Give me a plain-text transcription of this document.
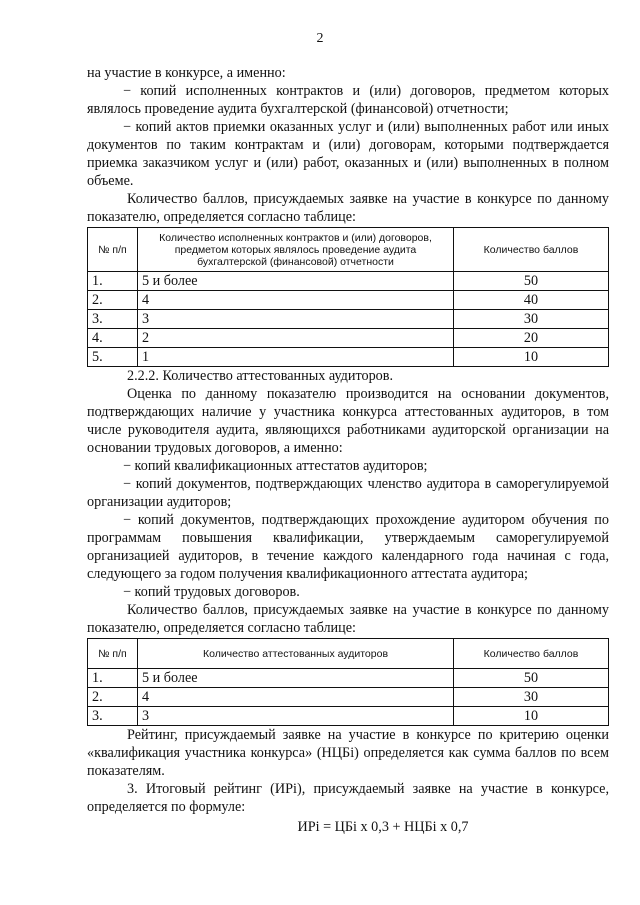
2

на участие в конкурсе, а именно:

− копий исполненных контрактов и (или) договоров, предметом которых являлось проведение аудита бухгалтерской (финансовой) отчетности;

− копий актов приемки оказанных услуг и (или) выполненных работ или иных документов по таким контрактам и (или) договорам, которыми подтверждается приемка заказчиком услуг и (или) работ, оказанных и (или) выполненных в полном объеме.

Количество баллов, присуждаемых заявке на участие в конкурсе по данному показателю, определяется согласно таблице:

№ п/п	Количество исполненных контрактов и (или) договоров, предметом которых являлось проведение аудита бухгалтерской (финансовой) отчетности	Количество баллов
1.	5 и более	50
2.	4	40
3.	3	30
4.	2	20
5.	1	10

2.2.2. Количество аттестованных аудиторов.

Оценка по данному показателю производится на основании документов, подтверждающих наличие у участника конкурса аттестованных аудиторов, в том числе руководителя аудита, являющихся работниками аудиторской организации на основании трудовых договоров, а именно:

− копий квалификационных аттестатов аудиторов;

− копий документов, подтверждающих членство аудитора в саморегулируемой организации аудиторов;

− копий документов, подтверждающих прохождение аудитором обучения по программам повышения квалификации, утверждаемым саморегулируемой организацией аудиторов, в течение каждого календарного года начиная с года, следующего за годом получения квалификационного аттестата аудитора;

− копий трудовых договоров.

Количество баллов, присуждаемых заявке на участие в конкурсе по данному показателю, определяется согласно таблице:

№ п/п	Количество аттестованных аудиторов	Количество баллов
1.	5 и более	50
2.	4	30
3.	3	10

Рейтинг, присуждаемый заявке на участие в конкурсе по критерию оценки «квалификация участника конкурса» (НЦБi) определяется как сумма баллов по всем показателям.

3. Итоговый рейтинг (ИРi), присуждаемый заявке на участие в конкурсе, определяется по формуле:

ИРi = ЦБi x 0,3 + НЦБi x 0,7
